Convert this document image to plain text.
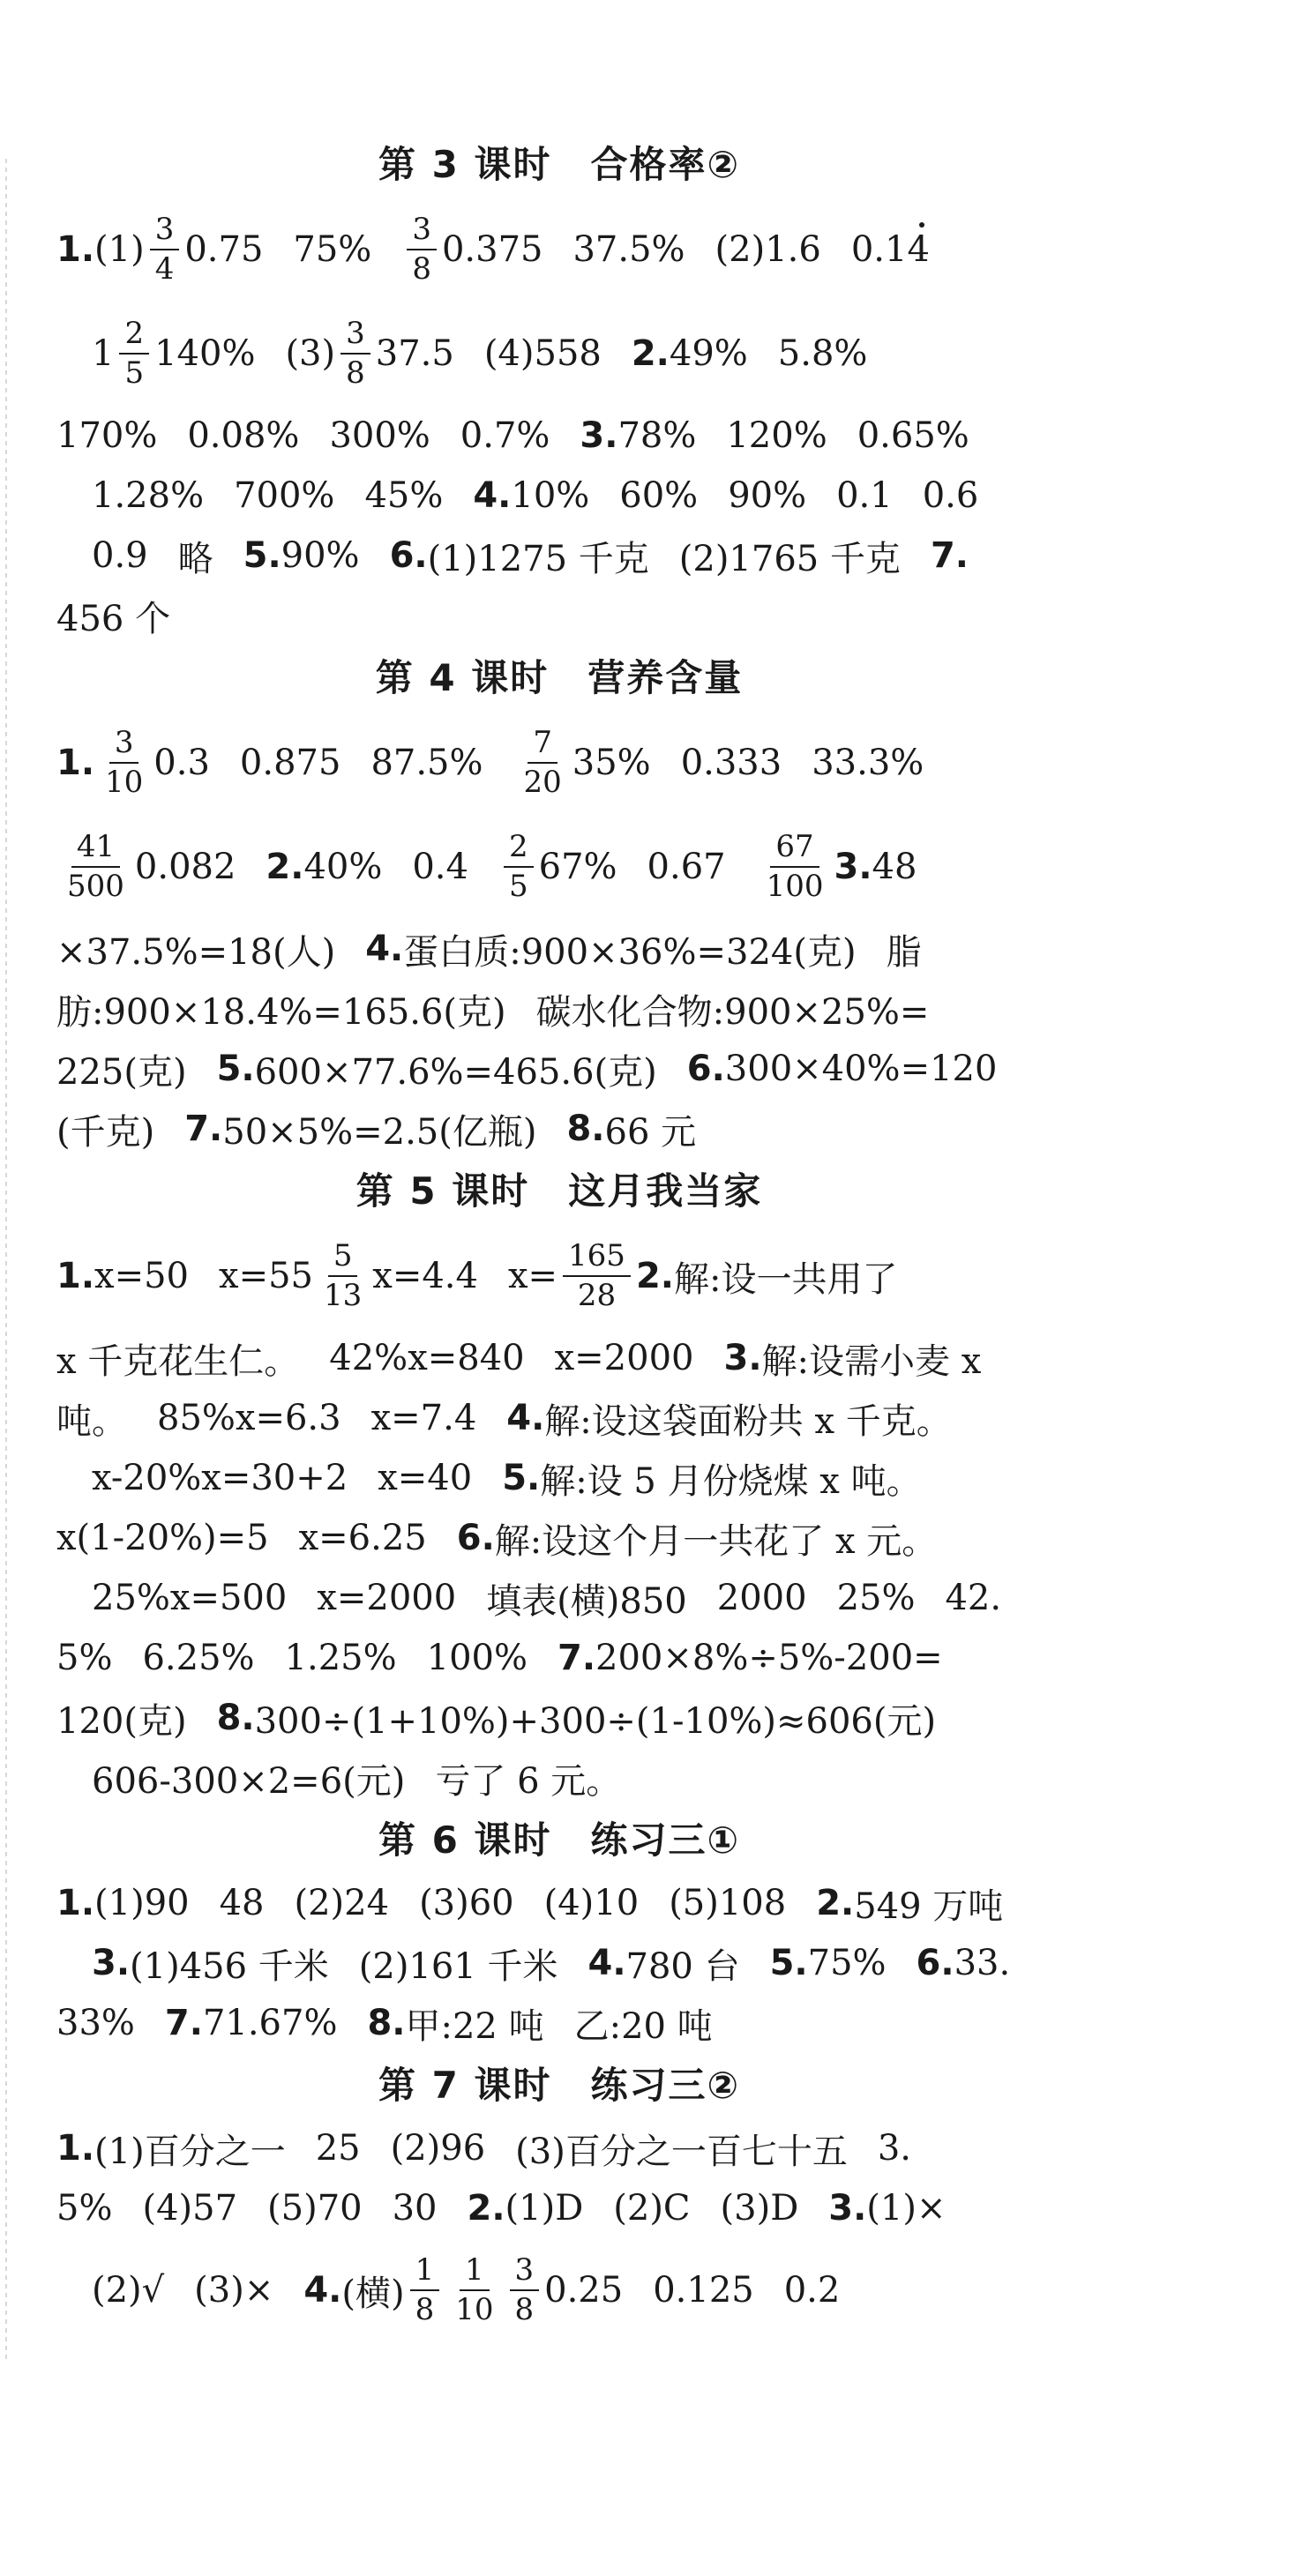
第 3 课时　合格率②
1. $(1) \frac{3}{4} 0.75$ $75\% \frac{3}{8} 0.375$ 37.5% (2)1.6 0.14
$1 \frac{2}{5} 140\%$ $(3) \frac{3}{8} 37.5$ (4)558 2. 49% 5.8%
170% 0.08% 300% 0.7% 3. 78% 120% 0.65%
1.28% 700% 45% 4. 10% 60% 90% 0.1 0.6
0.9 略 5. 90% 6. (1)1275 千克 (2)1765 千克 7.
456 个
第 4 课时　营养含量
1. $\frac{3}{10} 0.3$ 0.875 $87.5\% \frac{7}{20} 35\%$ 0.333 33.3%
$\frac{41}{500} 0.082$ 2. 40% $0.4 \frac{2}{5} 67\%$ $0.67 \frac{67}{100} 3$. 48
×37.5%=18(人) 4. 蛋白质:900×36%=324(克) 脂
肪:900×18.4%=165.6(克) 碳水化合物:900×25%=
225(克) 5. 600×77.6%=465.6(克) 6. 300×40%=120
(千克) 7. 50×5%=2.5(亿瓶) 8. 66 元
第 5 课时　这月我当家
1. x=50 $x=55 \frac{5}{13} x=4.4$ $x= \frac{165}{28} 2$. 解:设一共用了
x 千克花生仁。 42%x=840 x=2000 3. 解:设需小麦 x
吨。 85%x=6.3 x=7.4 4. 解:设这袋面粉共 x 千克。
x-20%x=30+2 x=40 5. 解:设 5 月份烧煤 x 吨。
x(1-20%)=5 x=6.25 6. 解:设这个月一共花了 x 元。
25%x=500 x=2000 填表(横)850 2000 25% 42.
5% 6.25% 1.25% 100% 7. 200×8%÷5%-200=
120(克) 8. 300÷(1+10%)+300÷(1-10%)≈606(元)
606-300×2=6(元) 亏了 6 元。
第 6 课时　练习三①
1. (1)90 48 (2)24 (3)60 (4)10 (5)108 2. 549 万吨
3. (1)456 千米 (2)161 千米 4. 780 台 5. 75% 6. 33.
33% 7. 71.67% 8. 甲:22 吨 乙:20 吨
第 7 课时　练习三②
1. (1)百分之一 25 (2)96 (3)百分之一百七十五 3.
5% (4)57 (5)70 30 2. (1)D (2)C (3)D 3. (1)×
(2)√ (3)× 4. (横) $\frac{1}{8} \frac{1}{10} \frac{3}{8} 0.25$ 0.125 0.2
